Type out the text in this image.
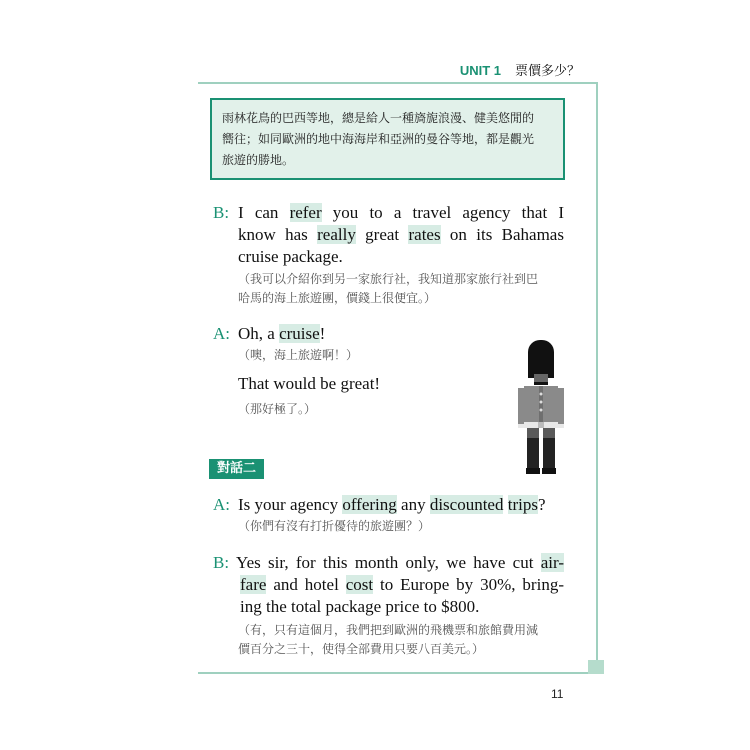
UNIT 1 票價多少？
雨林花鳥的巴西等地，總是給人一種旖旎浪漫、健美悠閒的
嚮往；如同歐洲的地中海海岸和亞洲的曼谷等地，都是觀光
旅遊的勝地。
B: I can refer you to a travel agency that I
know has really great rates on its Bahamas
cruise package.
（我可以介紹你到另一家旅行社，我知道那家旅行社到巴
哈馬的海上旅遊團，價錢上很便宜。）
A: Oh, a cruise!
（噢，海上旅遊啊！）
That would be great!
（那好極了。）
對話二
A: Is your agency offering any discounted trips?
（你們有沒有打折優待的旅遊團？）
B: Yes sir, for this month only, we have cut air-
fare and hotel cost to Europe by 30%, bring-
ing the total package price to $800.
（有，只有這個月，我們把到歐洲的飛機票和旅館費用減
價百分之三十，使得全部費用只要八百美元。）
11
